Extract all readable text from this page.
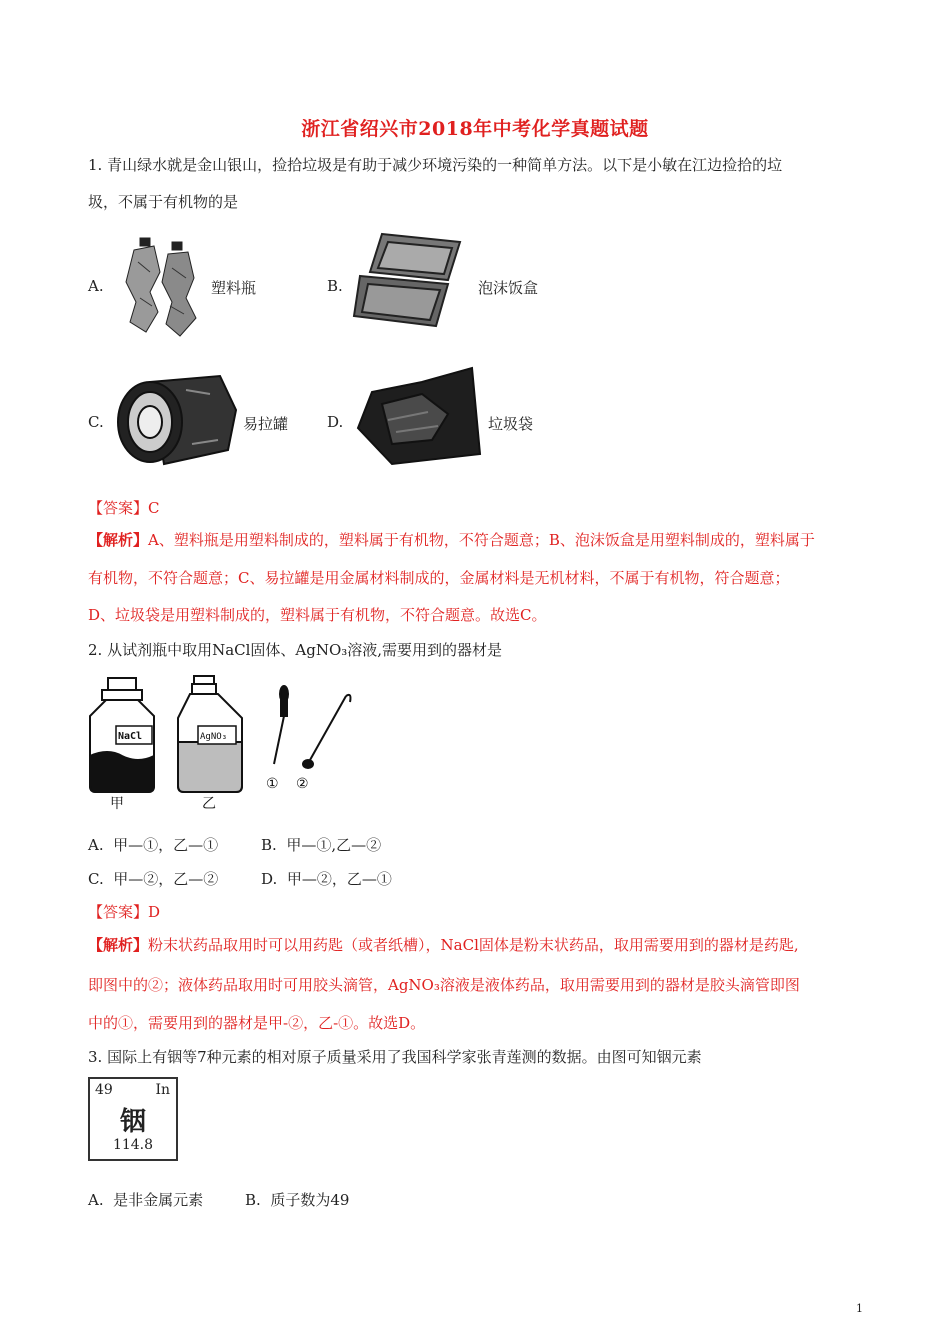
浙江省绍兴市2018年中考化学真题试题
1. 青山绿水就是金山银山，捡拾垃圾是有助于减少环境污染的一种简单方法。以下是小敏在江边捡拾的垃
圾，不属于有机物的是
A.	塑料瓶	B.	泡沫饭盒
C.	易拉罐	D.	垃圾袋
【答案】C
【解析】A、塑料瓶是用塑料制成的，塑料属于有机物，不符合题意；B、泡沫饭盒是用塑料制成的，塑料属于
有机物，不符合题意；C、易拉罐是用金属材料制成的，金属材料是无机材料，不属于有机物，符合题意；
D、垃圾袋是用塑料制成的，塑料属于有机物，不符合题意。故选C。
2. 从试剂瓶中取用NaCl固体、AgNO₃溶液,需要用到的器材是
NaCl
甲
AgNO₃
乙
① ②
A. 甲—①，乙—①	B. 甲—①,乙—②
C. 甲—②，乙—②	D. 甲—②，乙—①
【答案】D
【解析】粉末状药品取用时可以用药匙（或者纸槽），NaCl固体是粉末状药品，取用需要用到的器材是药匙,
即图中的②；液体药品取用时可用胶头滴管，AgNO₃溶液是液体药品，取用需要用到的器材是胶头滴管即图
中的①，需要用到的器材是甲-②，乙-①。故选D。
3. 国际上有铟等7种元素的相对原子质量采用了我国科学家张青莲测的数据。由图可知铟元素
49	In
铟
114.8
A. 是非金属元素	B. 质子数为49
1
